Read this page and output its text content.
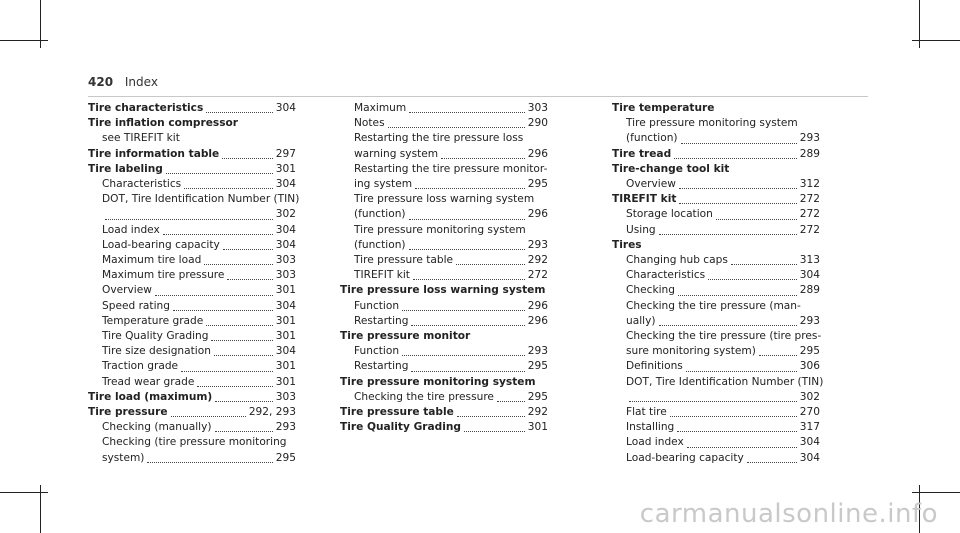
420 Index
Tire characteristics	304
Tire inflation compressor
see TIREFIT kit
Tire information table	297
Tire labeling	301
Characteristics	304
DOT, Tire Identification Number (TIN)
302
Load index	304
Load-bearing capacity	304
Maximum tire load	303
Maximum tire pressure	303
Overview	301
Speed rating	304
Temperature grade	301
Tire Quality Grading	301
Tire size designation	304
Traction grade	301
Tread wear grade	301
Tire load (maximum)	303
Tire pressure	292, 293
Checking (manually)	293
Checking (tire pressure monitoring
system)	295
Maximum	303
Notes	290
Restarting the tire pressure loss
warning system	296
Restarting the tire pressure monitor-
ing system	295
Tire pressure loss warning system
(function)	296
Tire pressure monitoring system
(function)	293
Tire pressure table	292
TIREFIT kit	272
Tire pressure loss warning system
Function	296
Restarting	296
Tire pressure monitor
Function	293
Restarting	295
Tire pressure monitoring system
Checking the tire pressure	295
Tire pressure table	292
Tire Quality Grading	301
Tire temperature
Tire pressure monitoring system
(function)	293
Tire tread	289
Tire-change tool kit
Overview	312
TIREFIT kit	272
Storage location	272
Using	272
Tires
Changing hub caps	313
Characteristics	304
Checking	289
Checking the tire pressure (man-
ually)	293
Checking the tire pressure (tire pres-
sure monitoring system)	295
Definitions	306
DOT, Tire Identification Number (TIN)
302
Flat tire	270
Installing	317
Load index	304
Load-bearing capacity	304
carmanualsonline.info
